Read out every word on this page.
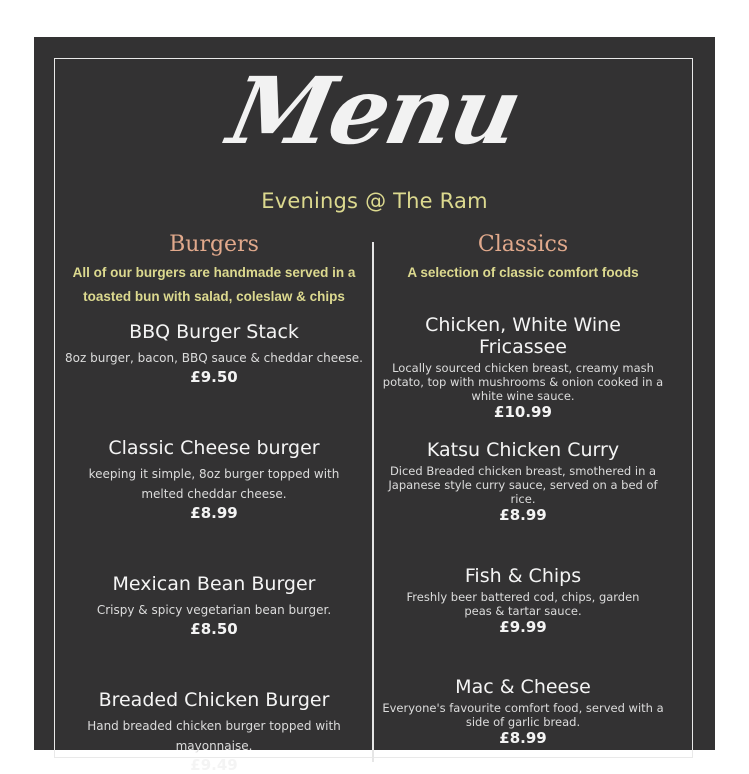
Menu
Evenings @ The Ram
Burgers
All of our burgers are handmade served in a toasted bun with salad, coleslaw & chips
BBQ Burger Stack
8oz burger, bacon, BBQ sauce & cheddar cheese.
£9.50
Classic Cheese burger
keeping it simple, 8oz burger topped with melted cheddar cheese.
£8.99
Mexican Bean Burger
Crispy & spicy vegetarian bean burger.
£8.50
Breaded Chicken Burger
Hand breaded chicken burger topped with mayonnaise.
£9.49
Classics
A selection of classic comfort foods
Chicken, White Wine Fricassee
Locally sourced chicken breast, creamy mash potato, top with mushrooms & onion cooked in a white wine sauce.
£10.99
Katsu Chicken Curry
Diced Breaded chicken breast, smothered in a Japanese style curry sauce, served on a bed of rice.
£8.99
Fish & Chips
Freshly beer battered cod, chips, garden peas & tartar sauce.
£9.99
Mac & Cheese
Everyone's favourite comfort food, served with a side of garlic bread.
£8.99
